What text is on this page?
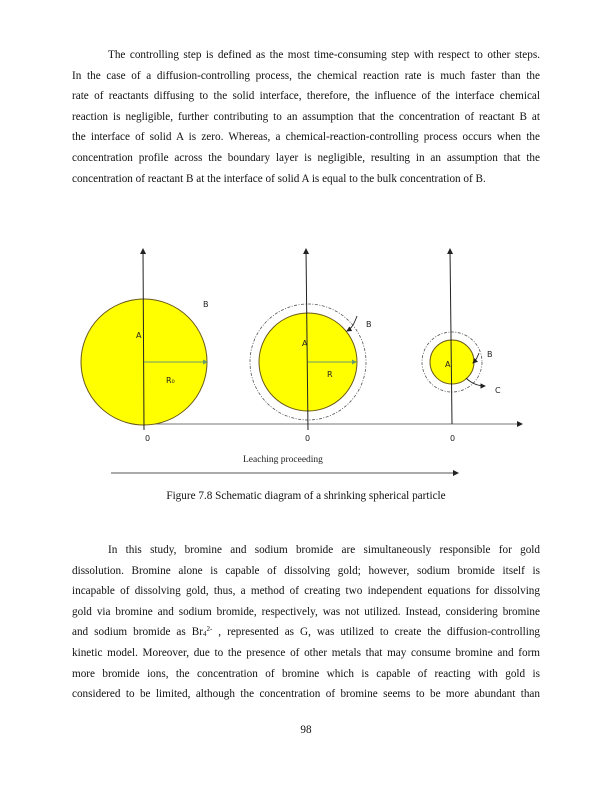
The controlling step is defined as the most time-consuming step with respect to other steps.
In the case of a diffusion-controlling process, the chemical reaction rate is much faster than the
rate of reactants diffusing to the solid interface, therefore, the influence of the interface chemical
reaction is negligible, further contributing to an assumption that the concentration of reactant B at
the interface of solid A is zero. Whereas, a chemical-reaction-controlling process occurs when the
concentration profile across the boundary layer is negligible, resulting in an assumption that the
concentration of reactant B at the interface of solid A is equal to the bulk concentration of B.
A
B
R₀
0
A
B
R
0
A
B
C
0
Leaching proceeding
Figure 7.8 Schematic diagram of a shrinking spherical particle
In this study, bromine and sodium bromide are simultaneously responsible for gold
dissolution. Bromine alone is capable of dissolving gold; however, sodium bromide itself is
incapable of dissolving gold, thus, a method of creating two independent equations for dissolving
gold via bromine and sodium bromide, respectively, was not utilized. Instead, considering bromine
and sodium bromide as $Br_4^{2-}$ , represented as G, was utilized to create the diffusion-controlling
kinetic model. Moreover, due to the presence of other metals that may consume bromine and form
more bromide ions, the concentration of bromine which is capable of reacting with gold is
considered to be limited, although the concentration of bromine seems to be more abundant than
98
